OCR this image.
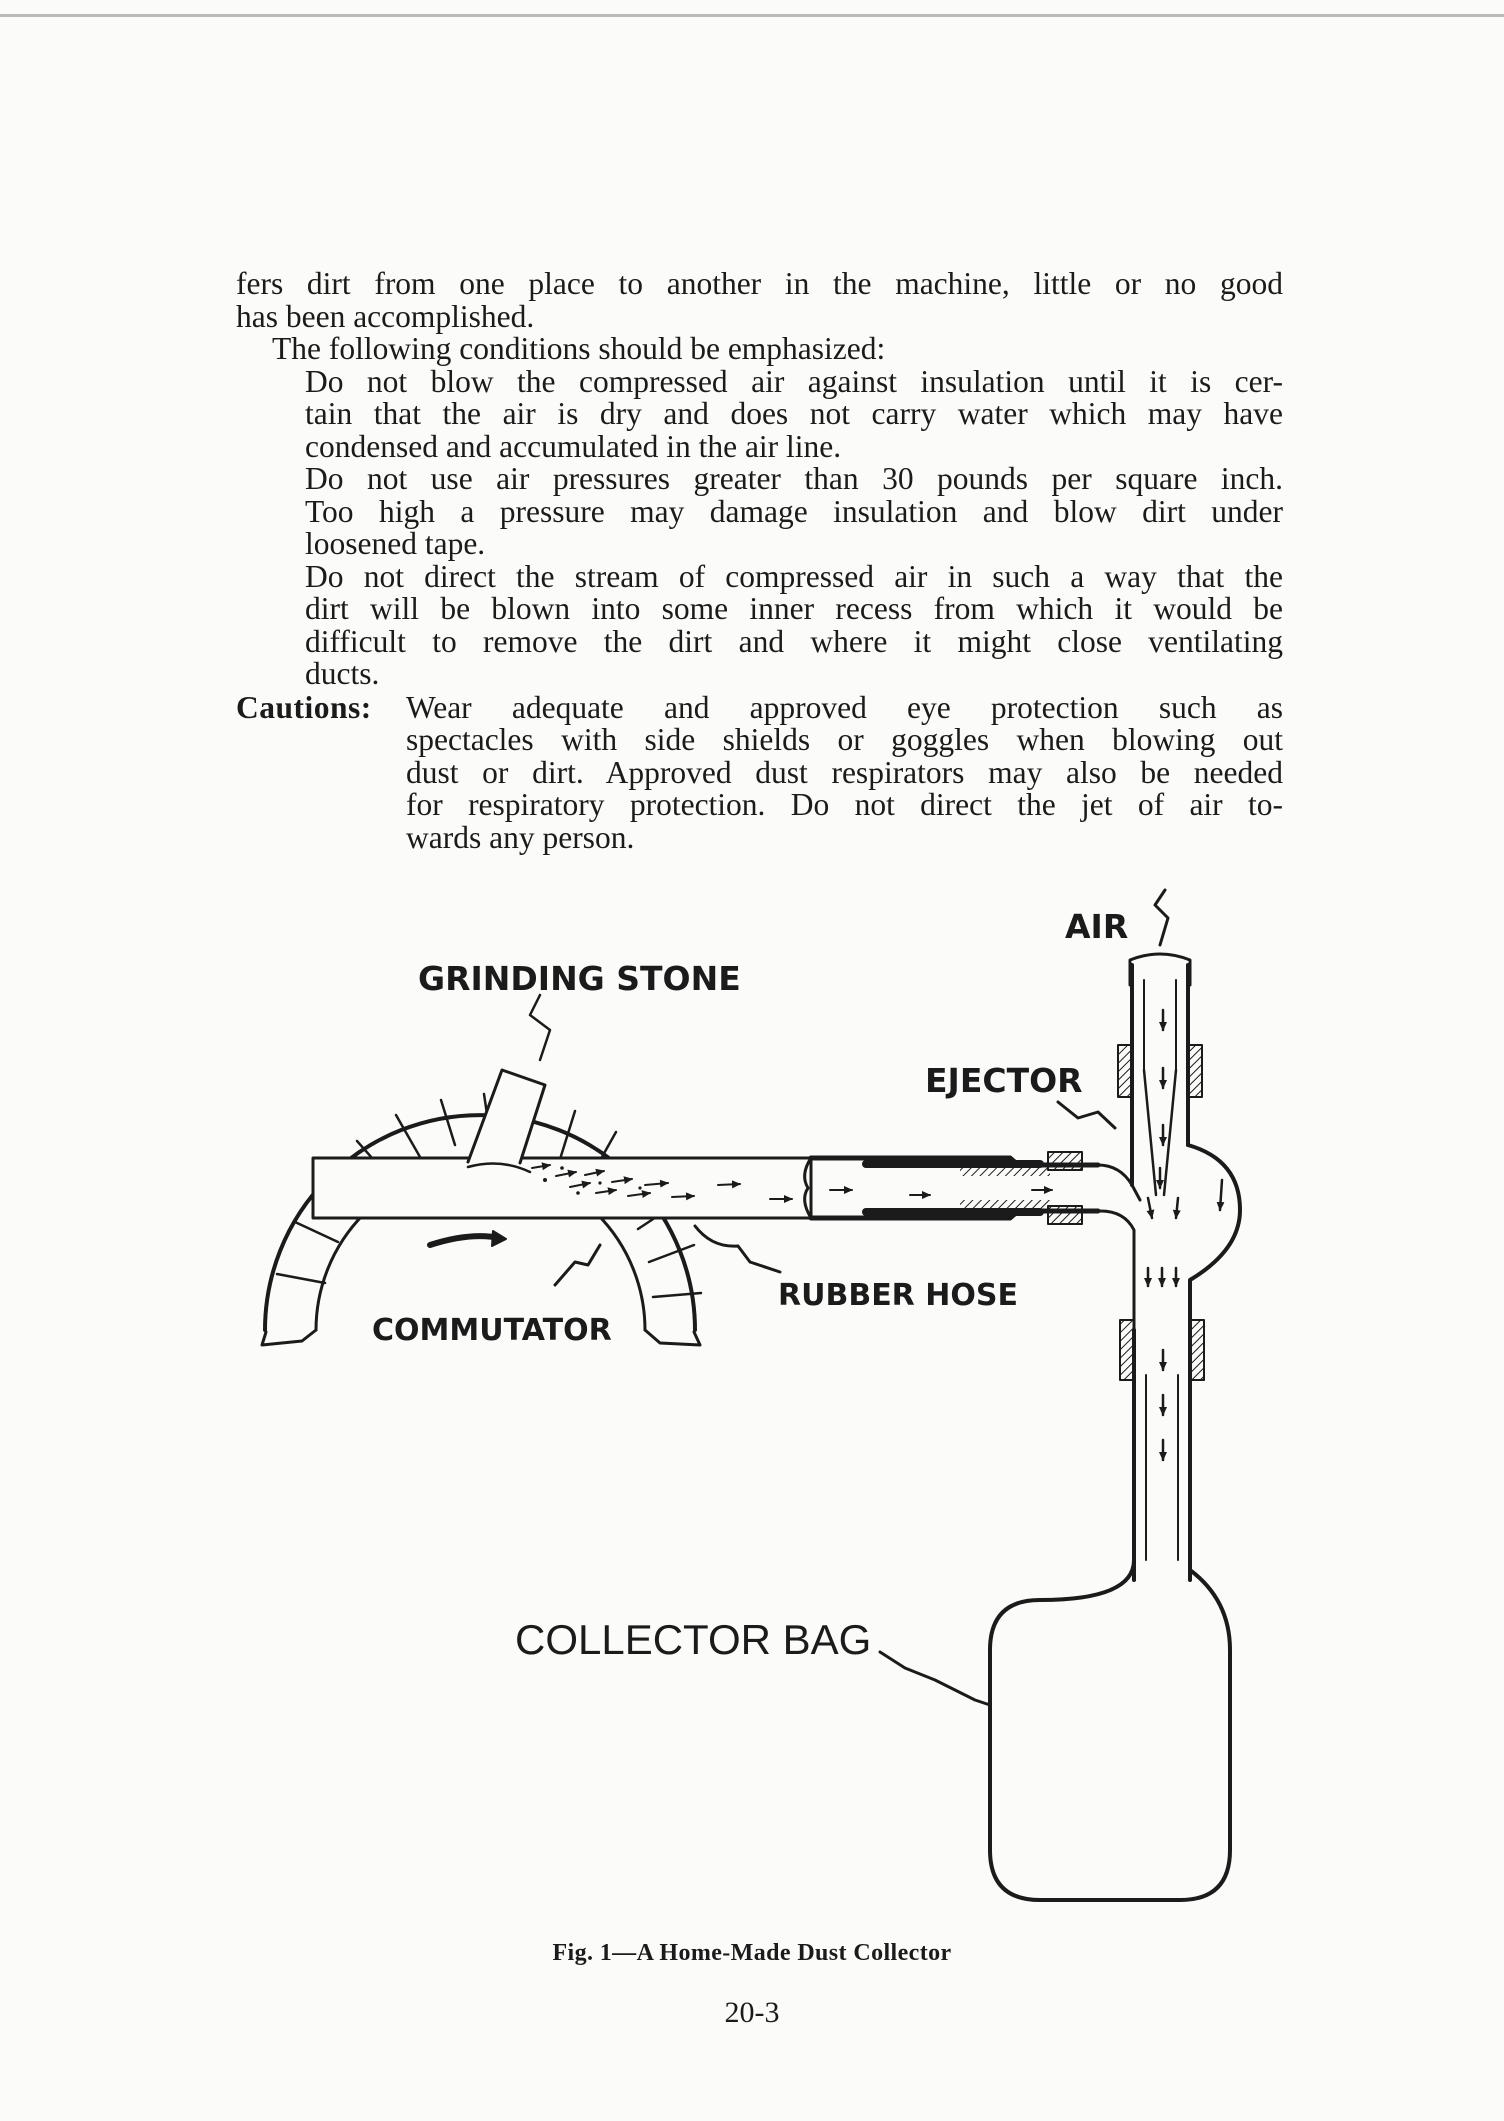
fers dirt from one place to another in the machine, little or no good
has been accomplished.
The following conditions should be emphasized:
Do not blow the compressed air against insulation until it is cer-
tain that the air is dry and does not carry water which may have
condensed and accumulated in the air line.
Do not use air pressures greater than 30 pounds per square inch.
Too high a pressure may damage insulation and blow dirt under
loosened tape.
Do not direct the stream of compressed air in such a way that the
dirt will be blown into some inner recess from which it would be
difficult to remove the dirt and where it might close ventilating
ducts.
Cautions: Wear adequate and approved eye protection such as
spectacles with side shields or goggles when blowing out
dust or dirt. Approved dust respirators may also be needed
for respiratory protection. Do not direct the jet of air to-
wards any person.
GRINDING STONE
AIR
EJECTOR
RUBBER HOSE
COMMUTATOR
COLLECTOR BAG
Fig. 1—A Home-Made Dust Collector
20-3
